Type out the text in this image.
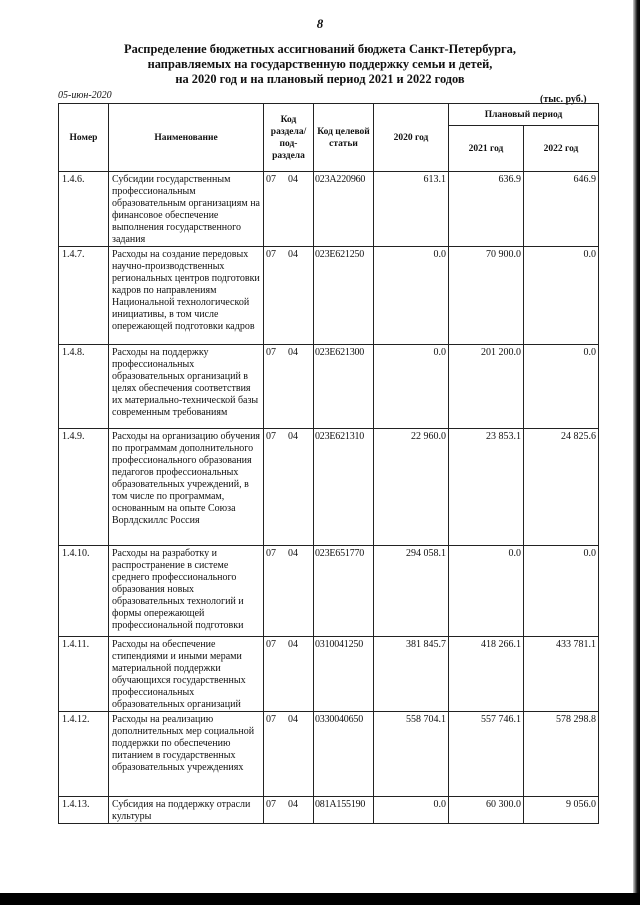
8
Распределение бюджетных ассигнований бюджета Санкт-Петербурга,
направляемых на государственную поддержку семьи и детей,
на 2020 год и на плановый период 2021 и 2022 годов
05-июн-2020	(тыс. руб.)
Номер	Наименование	Код раздела/ под- раздела	Код целевой статьи	2020 год	Плановый период	
					2021 год	2022 год
1.4.6.	Субсидии государственным профессиональным образовательным организациям на финансовое обеспечение выполнения государственного задания	07 04	023A220960	613.1	636.9	646.9
1.4.7.	Расходы на создание передовых научно-производственных региональных центров подготовки кадров по направлениям Национальной технологической инициативы, в том числе опережающей подготовки кадров	07 04	023E621250	0.0	70 900.0	0.0
1.4.8.	Расходы на поддержку профессиональных образовательных организаций в целях обеспечения соответствия их материально-технической базы современным требованиям	07 04	023E621300	0.0	201 200.0	0.0
1.4.9.	Расходы на организацию обучения по программам дополнительного профессионального образования педагогов профессиональных образовательных учреждений, в том числе по программам, основанным на опыте Союза Ворлдскиллс Россия	07 04	023E621310	22 960.0	23 853.1	24 825.6
1.4.10.	Расходы на разработку и распространение в системе среднего профессионального образования новых образовательных технологий и формы опережающей профессиональной подготовки	07 04	023E651770	294 058.1	0.0	0.0
1.4.11.	Расходы на обеспечение стипендиями и иными мерами материальной поддержки обучающихся государственных профессиональных образовательных организаций	07 04	0310041250	381 845.7	418 266.1	433 781.1
1.4.12.	Расходы на реализацию дополнительных мер социальной поддержки по обеспечению питанием в государственных образовательных учреждениях	07 04	0330040650	558 704.1	557 746.1	578 298.8
1.4.13.	Субсидия на поддержку отрасли культуры	07 04	081A155190	0.0	60 300.0	9 056.0
